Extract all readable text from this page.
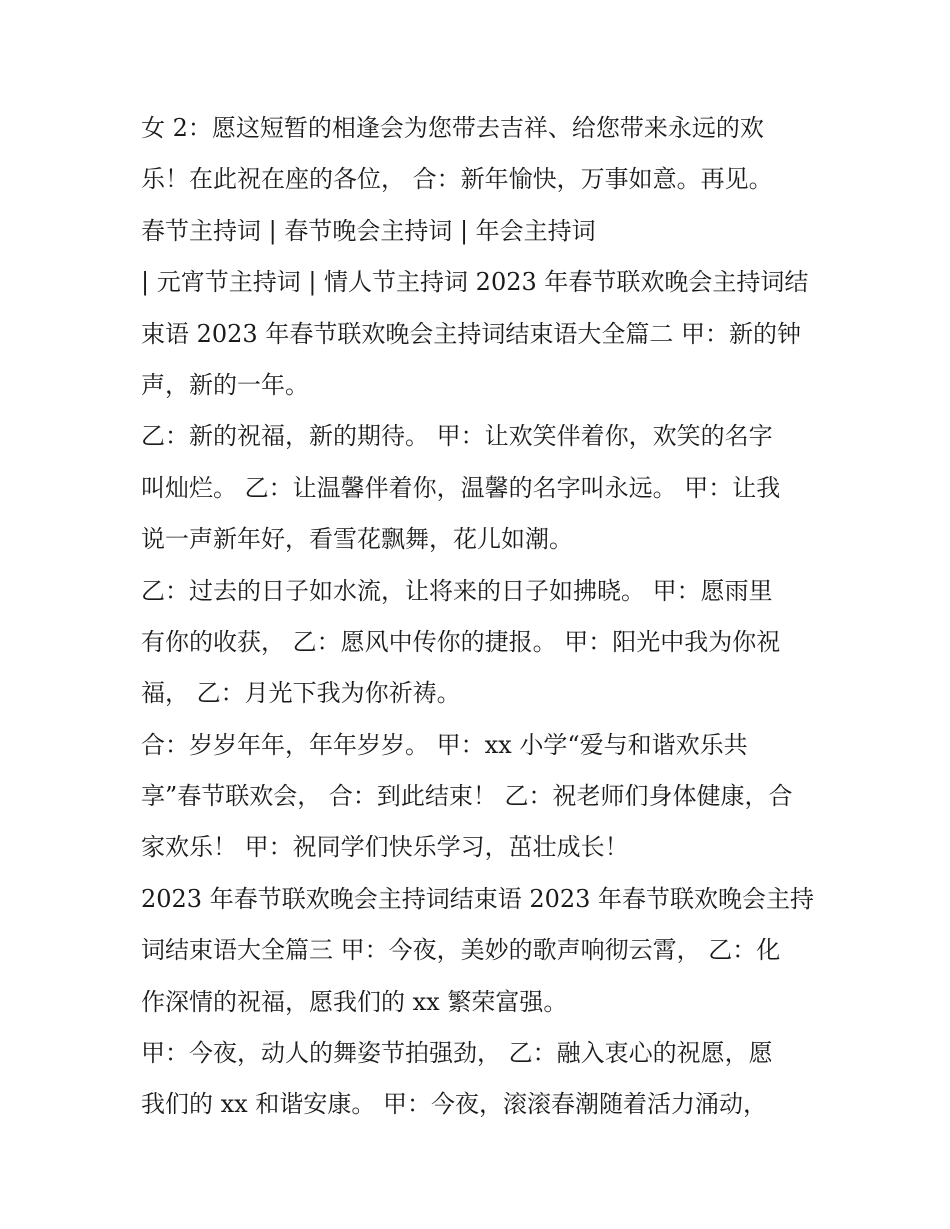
女 2：愿这短暂的相逢会为您带去吉祥、给您带来永远的欢
乐！在此祝在座的各位， 合：新年愉快，万事如意。再见。
春节主持词 | 春节晚会主持词 | 年会主持词
| 元宵节主持词 | 情人节主持词 2023 年春节联欢晚会主持词结
束语 2023 年春节联欢晚会主持词结束语大全篇二 甲：新的钟
声，新的一年。
乙：新的祝福，新的期待。 甲：让欢笑伴着你，欢笑的名字
叫灿烂。 乙：让温馨伴着你，温馨的名字叫永远。 甲：让我
说一声新年好，看雪花飘舞，花儿如潮。
乙：过去的日子如水流，让将来的日子如拂晓。 甲：愿雨里
有你的收获， 乙：愿风中传你的捷报。 甲：阳光中我为你祝
福， 乙：月光下我为你祈祷。
合：岁岁年年，年年岁岁。 甲：xx 小学“爱与和谐欢乐共
享”春节联欢会， 合：到此结束！ 乙：祝老师们身体健康，合
家欢乐！ 甲：祝同学们快乐学习，茁壮成长！
2023 年春节联欢晚会主持词结束语 2023 年春节联欢晚会主持
词结束语大全篇三 甲：今夜，美妙的歌声响彻云霄， 乙：化
作深情的祝福，愿我们的 xx 繁荣富强。
甲：今夜，动人的舞姿节拍强劲， 乙：融入衷心的祝愿，愿
我们的 xx 和谐安康。 甲：今夜，滚滚春潮随着活力涌动，
